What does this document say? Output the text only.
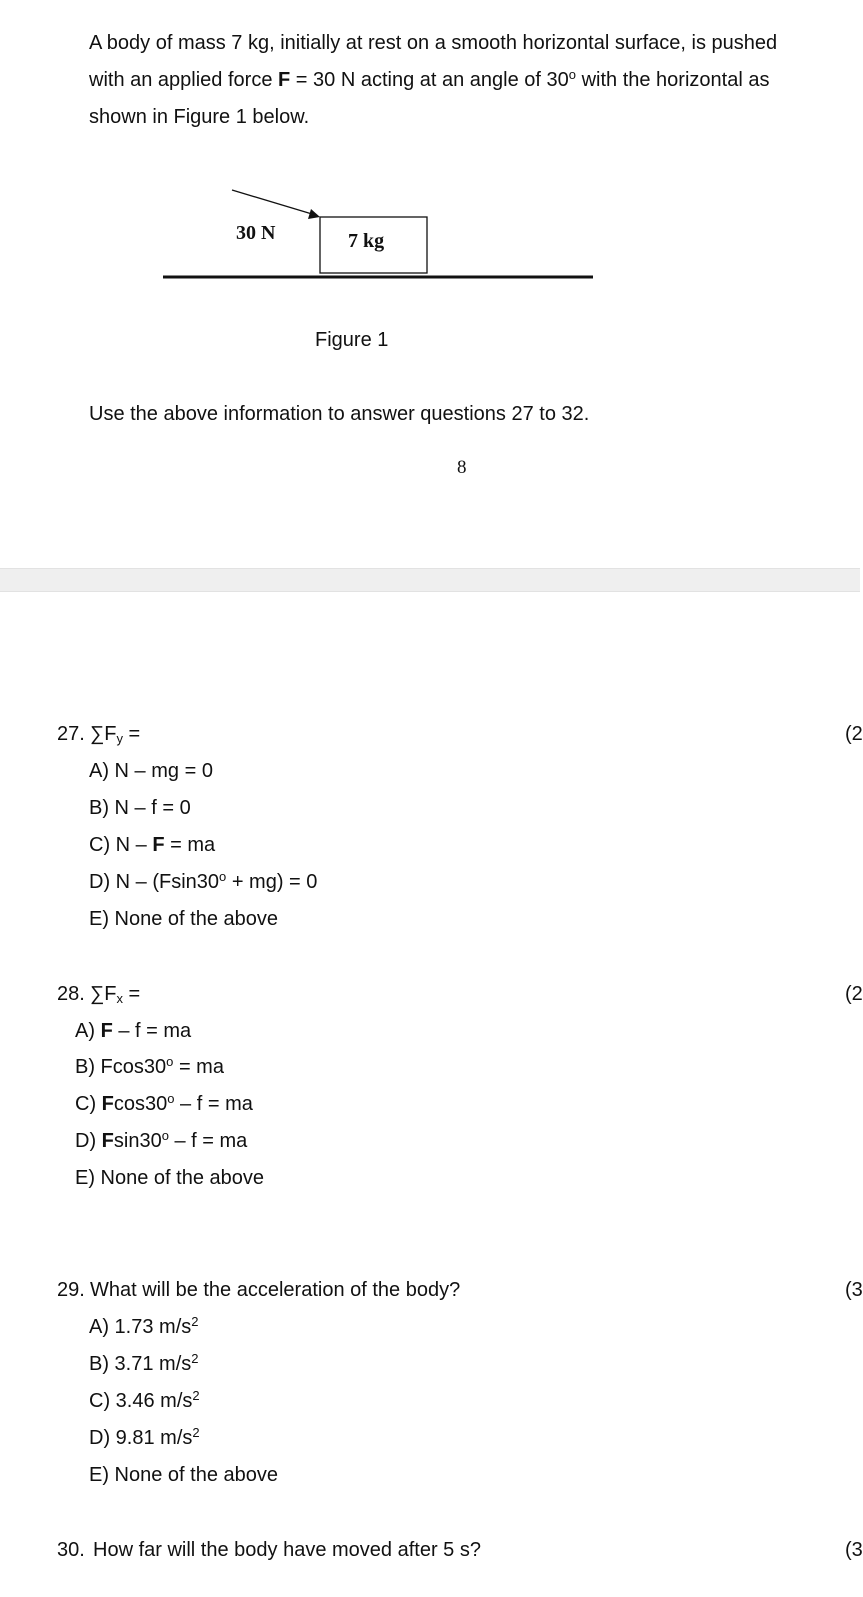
A body of mass 7 kg, initially at rest on a smooth horizontal surface, is pushed
with an applied force F = 30 N acting at an angle of 30$^o$ with the horizontal as
shown in Figure 1 below.
30 N	7 kg
Figure 1
Use the above information to answer questions 27 to 32.
8
27. $\sum F_y$ =	(2
A) N – mg = 0
B) N – f = 0
C) N – F = ma
D) $N - (Fsin30^o + mg) = 0$
E) None of the above
28. $\sum F_x$ =	(2
A) F – f = ma
B) $Fcos30^o$ = ma
C) Fcos30$^o$ – f = ma
D) Fsin30$^o$ – f = ma
E) None of the above
29. What will be the acceleration of the body?	(3
A) 1.73 $m/s^2$
B) 3.71 $m/s^2$
C) 3.46 $m/s^2$
D) 9.81 $m/s^2$
E) None of the above
30. How far will the body have moved after 5 s?	(3
